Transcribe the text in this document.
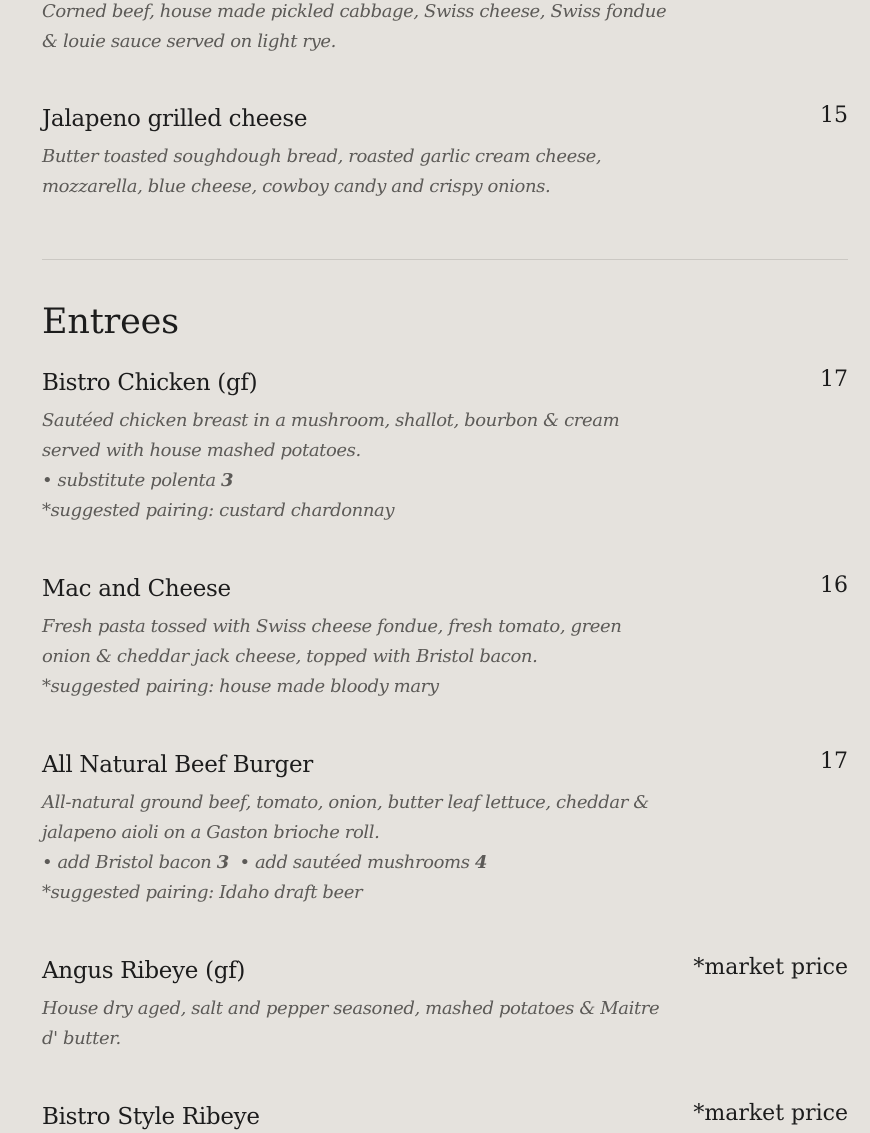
Corned beef, house made pickled cabbage, Swiss cheese, Swiss fondue
& louie sauce served on light rye.
Jalapeno grilled cheese	15
Butter toasted soughdough bread, roasted garlic cream cheese,
mozzarella, blue cheese, cowboy candy and crispy onions.
Entrees
Bistro Chicken (gf)	17
Sautéed chicken breast in a mushroom, shallot, bourbon & cream
served with house mashed potatoes.
• substitute polenta 3
*suggested pairing: custard chardonnay
Mac and Cheese	16
Fresh pasta tossed with Swiss cheese fondue, fresh tomato, green
onion & cheddar jack cheese, topped with Bristol bacon.
*suggested pairing: house made bloody mary
All Natural Beef Burger	17
All-natural ground beef, tomato, onion, butter leaf lettuce, cheddar &
jalapeno aioli on a Gaston brioche roll.
• add Bristol bacon 3  • add sautéed mushrooms 4
*suggested pairing: Idaho draft beer
Angus Ribeye (gf)	*market price
House dry aged, salt and pepper seasoned, mashed potatoes & Maitre
d' butter.
Bistro Style Ribeye	*market price
